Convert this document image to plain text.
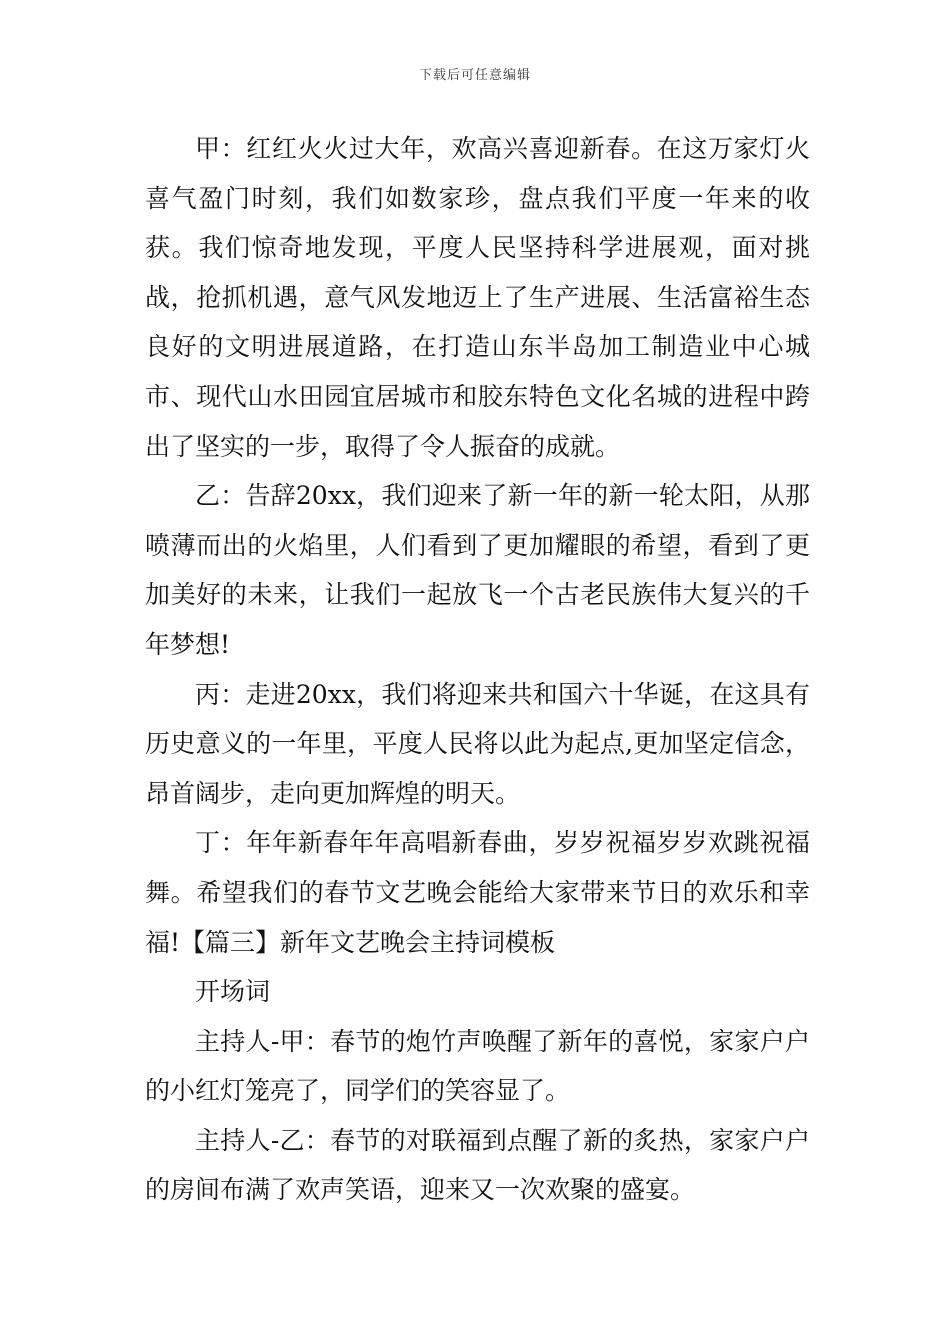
下载后可任意编辑

甲：红红火火过大年，欢高兴喜迎新春。在这万家灯火喜气盈门时刻，我们如数家珍，盘点我们平度一年来的收获。我们惊奇地发现，平度人民坚持科学进展观，面对挑战，抢抓机遇，意气风发地迈上了生产进展、生活富裕生态良好的文明进展道路，在打造山东半岛加工制造业中心城市、现代山水田园宜居城市和胶东特色文化名城的进程中跨出了坚实的一步，取得了令人振奋的成就。

乙：告辞20xx，我们迎来了新一年的新一轮太阳，从那喷薄而出的火焰里，人们看到了更加耀眼的希望，看到了更加美好的未来，让我们一起放飞一个古老民族伟大复兴的千年梦想!

丙：走进20xx，我们将迎来共和国六十华诞，在这具有历史意义的一年里，平度人民将以此为起点,更加坚定信念，昂首阔步，走向更加辉煌的明天。

丁：年年新春年年高唱新春曲，岁岁祝福岁岁欢跳祝福舞。希望我们的春节文艺晚会能给大家带来节日的欢乐和幸福!【篇三】新年文艺晚会主持词模板

开场词

主持人-甲：春节的炮竹声唤醒了新年的喜悦，家家户户的小红灯笼亮了，同学们的笑容显了。

主持人-乙：春节的对联福到点醒了新的炙热，家家户户的房间布满了欢声笑语，迎来又一次欢聚的盛宴。
